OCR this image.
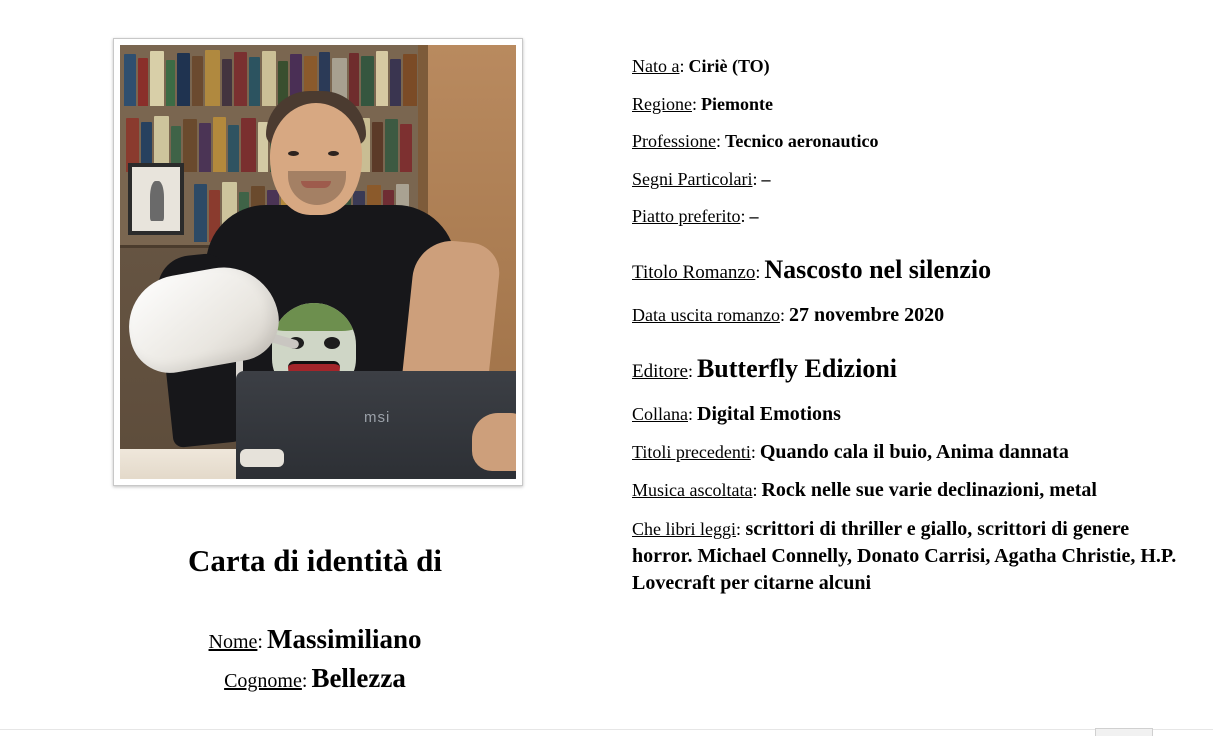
msi
Carta di identità di
Nome: Massimiliano
Cognome: Bellezza
Nato a: Ciriè (TO)
Regione: Piemonte
Professione: Tecnico aeronautico
Segni Particolari: –
Piatto preferito: –
Titolo Romanzo: Nascosto nel silenzio
Data uscita romanzo: 27 novembre 2020
Editore: Butterfly Edizioni
Collana: Digital Emotions
Titoli precedenti: Quando cala il buio, Anima dannata
Musica ascoltata: Rock nelle sue varie declinazioni, metal
Che libri leggi: scrittori di thriller e giallo, scrittori di genere horror. Michael Connelly, Donato Carrisi, Agatha Christie, H.P. Lovecraft per citarne alcuni
